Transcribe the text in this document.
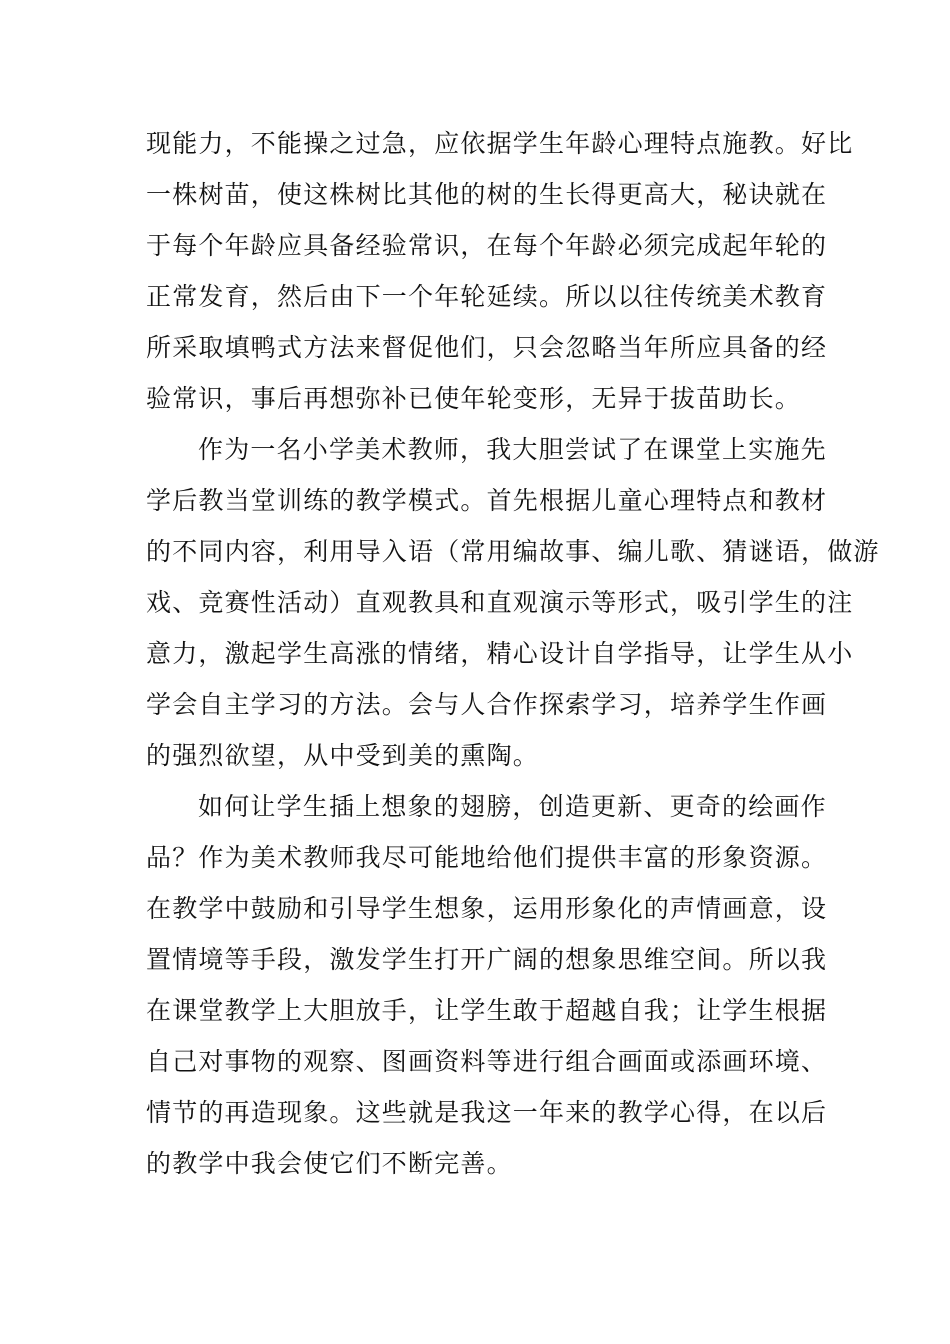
现能力，不能操之过急，应依据学生年龄心理特点施教。好比
一株树苗，使这株树比其他的树的生长得更高大，秘诀就在
于每个年龄应具备经验常识，在每个年龄必须完成起年轮的
正常发育，然后由下一个年轮延续。所以以往传统美术教育
所采取填鸭式方法来督促他们，只会忽略当年所应具备的经
验常识，事后再想弥补已使年轮变形，无异于拔苗助长。
作为一名小学美术教师，我大胆尝试了在课堂上实施先
学后教当堂训练的教学模式。首先根据儿童心理特点和教材
的不同内容，利用导入语（常用编故事、编儿歌、猜谜语，做游
戏、竞赛性活动）直观教具和直观演示等形式，吸引学生的注
意力，激起学生高涨的情绪，精心设计自学指导，让学生从小
学会自主学习的方法。会与人合作探索学习，培养学生作画
的强烈欲望，从中受到美的熏陶。
如何让学生插上想象的翅膀，创造更新、更奇的绘画作
品？作为美术教师我尽可能地给他们提供丰富的形象资源。
在教学中鼓励和引导学生想象，运用形象化的声情画意，设
置情境等手段，激发学生打开广阔的想象思维空间。所以我
在课堂教学上大胆放手，让学生敢于超越自我；让学生根据
自己对事物的观察、图画资料等进行组合画面或添画环境、
情节的再造现象。这些就是我这一年来的教学心得，在以后
的教学中我会使它们不断完善。
